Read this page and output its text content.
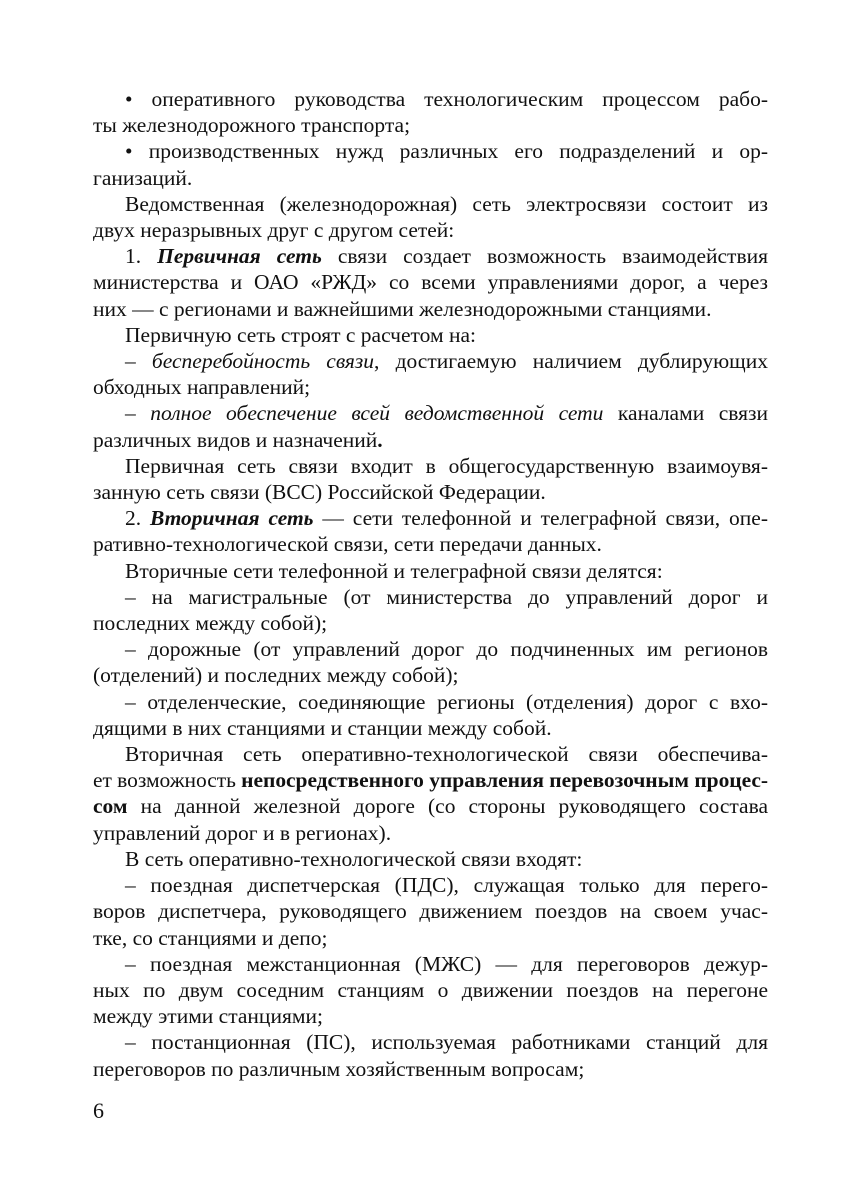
• оперативного руководства технологическим процессом рабо-
ты железнодорожного транспорта;
• производственных нужд различных его подразделений и ор-
ганизаций.
Ведомственная (железнодорожная) сеть электросвязи состоит из
двух неразрывных друг с другом сетей:
1. Первичная сеть связи создает возможность взаимодействия
министерства и ОАО «РЖД» со всеми управлениями дорог, а через
них — с регионами и важнейшими железнодорожными станциями.
Первичную сеть строят с расчетом на:
– бесперебойность связи, достигаемую наличием дублирующих
обходных направлений;
– полное обеспечение всей ведомственной сети каналами связи
различных видов и назначений.
Первичная сеть связи входит в общегосударственную взаимоувя-
занную сеть связи (ВСС) Российской Федерации.
2. Вторичная сеть — сети телефонной и телеграфной связи, опе-
ративно-технологической связи, сети передачи данных.
Вторичные сети телефонной и телеграфной связи делятся:
– на магистральные (от министерства до управлений дорог и
последних между собой);
– дорожные (от управлений дорог до подчиненных им регионов
(отделений) и последних между собой);
– отделенческие, соединяющие регионы (отделения) дорог с вхо-
дящими в них станциями и станции между собой.
Вторичная сеть оперативно-технологической связи обеспечива-
ет возможность непосредственного управления перевозочным процес-
сом на данной железной дороге (со стороны руководящего состава
управлений дорог и в регионах).
В сеть оперативно-технологической связи входят:
– поездная диспетчерская (ПДС), служащая только для перего-
воров диспетчера, руководящего движением поездов на своем учас-
тке, со станциями и депо;
– поездная межстанционная (МЖС) — для переговоров дежур-
ных по двум соседним станциям о движении поездов на перегоне
между этими станциями;
– постанционная (ПС), используемая работниками станций для
переговоров по различным хозяйственным вопросам;
6
